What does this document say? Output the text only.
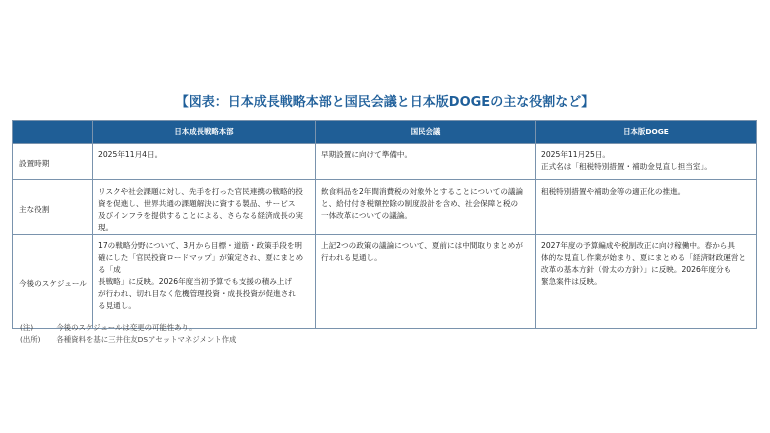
【図表：日本成長戦略本部と国民会議と日本版DOGEの主な役割など】
	日本成長戦略本部	国民会議	日本版DOGE
設置時期	2025年11月4日。	早期設置に向けて準備中。	2025年11月25日。
正式名は「租税特別措置・補助金見直し担当室」。

主な役割	リスクや社会課題に対し、先手を打った官民連携の戦略的投
資を促進し、世界共通の課題解決に資する製品、サービス
及びインフラを提供することによる、さらなる経済成長の実現。	飲食料品を2年間消費税の対象外とすることについての議論
と、給付付き税額控除の制度設計を含め、社会保障と税の
一体改革についての議論。	租税特別措置や補助金等の適正化の推進。

今後のスケジュール	17の戦略分野について、3月から目標・道筋・政策手段を明
確にした「官民投資ロードマップ」が策定され、夏にまとめる「成
長戦略」に反映。2026年度当初予算でも支援の積み上げ
が行われ、切れ目なく危機管理投資・成長投資が促進され
る見通し。	上記2つの政策の議論について、夏前には中間取りまとめが
行われる見通し。	2027年度の予算編成や税制改正に向け稼働中。春から具
体的な見直し作業が始まり、夏にまとめる「経済財政運営と
改革の基本方針（骨太の方針）」に反映。2026年度分も
緊急案件は反映。
(注)	今後のスケジュールは変更の可能性あり。
(出所) 各種資料を基に三井住友DSアセットマネジメント作成
